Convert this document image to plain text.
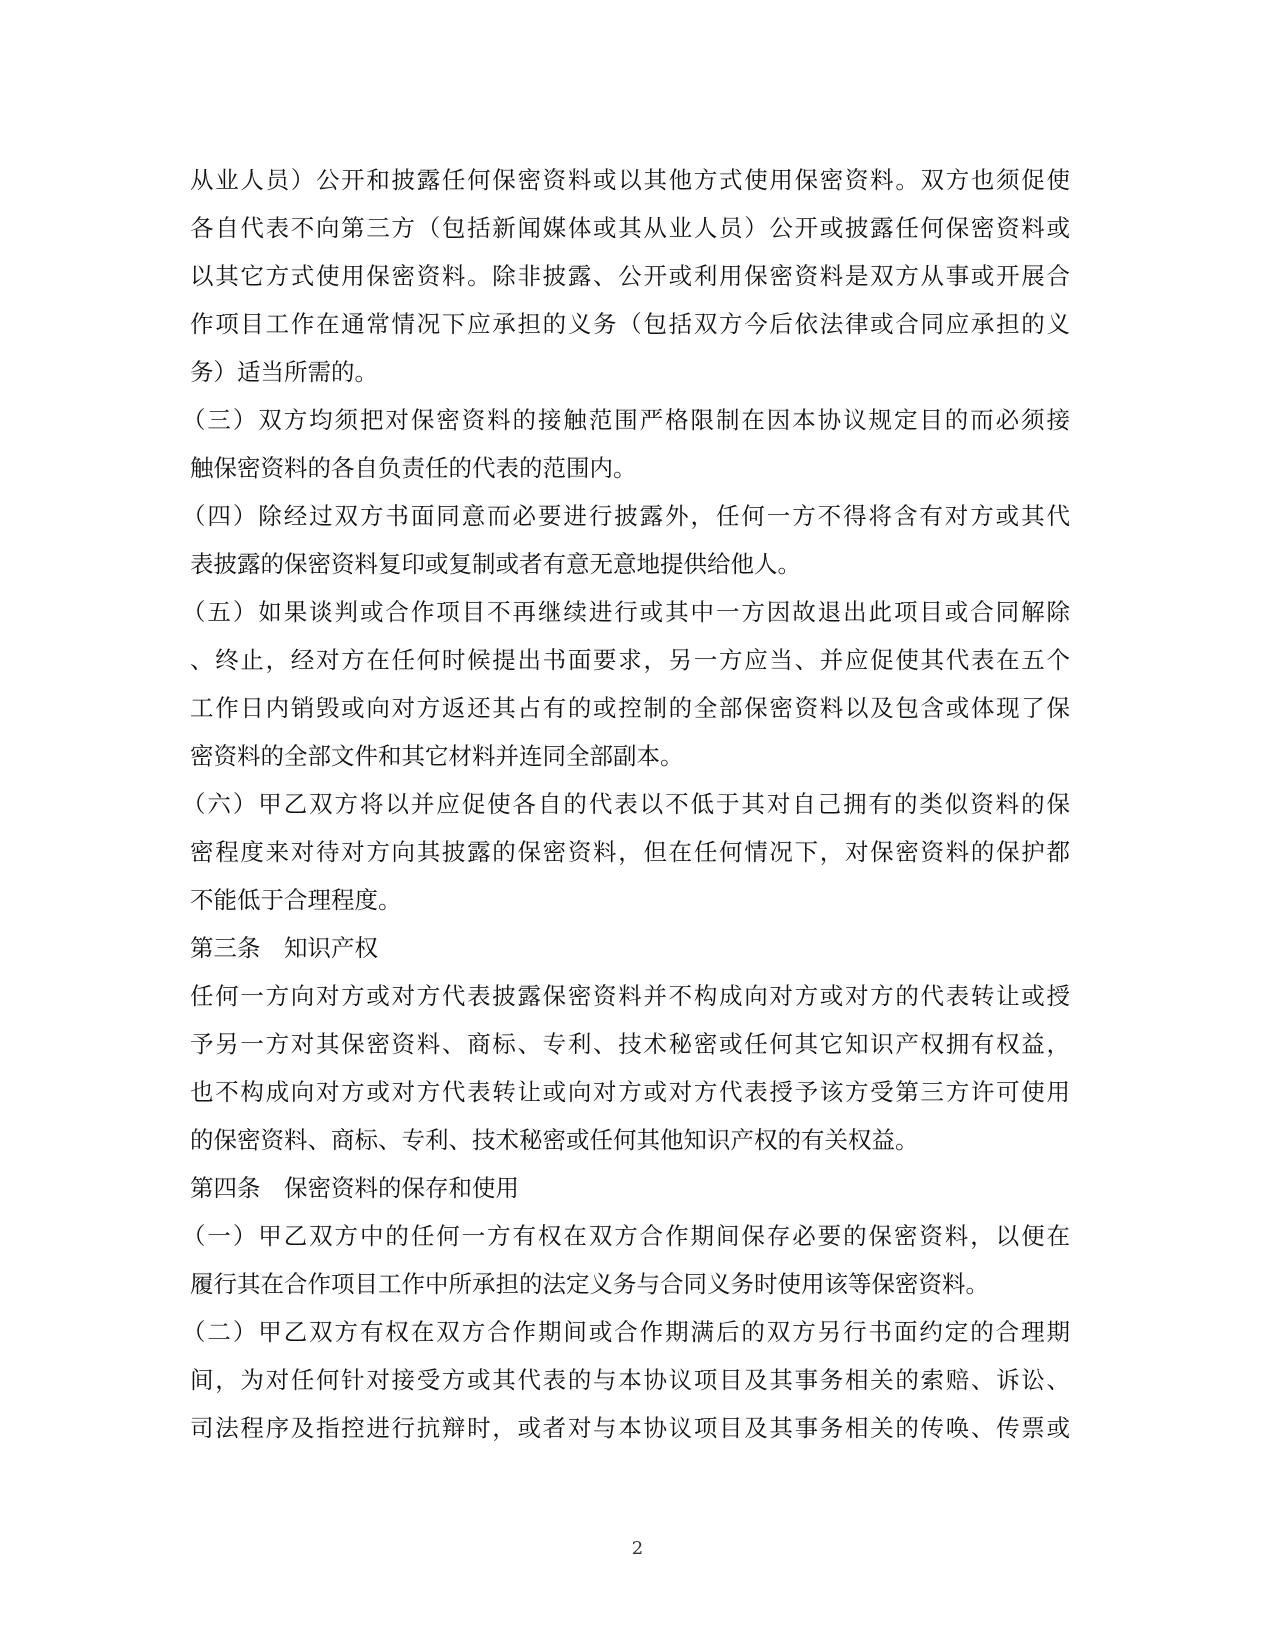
从业人员）公开和披露任何保密资料或以其他方式使用保密资料。双方也须促使
各自代表不向第三方（包括新闻媒体或其从业人员）公开或披露任何保密资料或
以其它方式使用保密资料。除非披露、公开或利用保密资料是双方从事或开展合
作项目工作在通常情况下应承担的义务（包括双方今后依法律或合同应承担的义
务）适当所需的。
（三）双方均须把对保密资料的接触范围严格限制在因本协议规定目的而必须接
触保密资料的各自负责任的代表的范围内。
（四）除经过双方书面同意而必要进行披露外，任何一方不得将含有对方或其代
表披露的保密资料复印或复制或者有意无意地提供给他人。
（五）如果谈判或合作项目不再继续进行或其中一方因故退出此项目或合同解除
、终止，经对方在任何时候提出书面要求，另一方应当、并应促使其代表在五个
工作日内销毁或向对方返还其占有的或控制的全部保密资料以及包含或体现了保
密资料的全部文件和其它材料并连同全部副本。
（六）甲乙双方将以并应促使各自的代表以不低于其对自己拥有的类似资料的保
密程度来对待对方向其披露的保密资料，但在任何情况下，对保密资料的保护都
不能低于合理程度。
第三条　知识产权
任何一方向对方或对方代表披露保密资料并不构成向对方或对方的代表转让或授
予另一方对其保密资料、商标、专利、技术秘密或任何其它知识产权拥有权益，
也不构成向对方或对方代表转让或向对方或对方代表授予该方受第三方许可使用
的保密资料、商标、专利、技术秘密或任何其他知识产权的有关权益。
第四条　保密资料的保存和使用
（一）甲乙双方中的任何一方有权在双方合作期间保存必要的保密资料，以便在
履行其在合作项目工作中所承担的法定义务与合同义务时使用该等保密资料。
（二）甲乙双方有权在双方合作期间或合作期满后的双方另行书面约定的合理期
间，为对任何针对接受方或其代表的与本协议项目及其事务相关的索赔、诉讼、
司法程序及指控进行抗辩时，或者对与本协议项目及其事务相关的传唤、传票或
2
